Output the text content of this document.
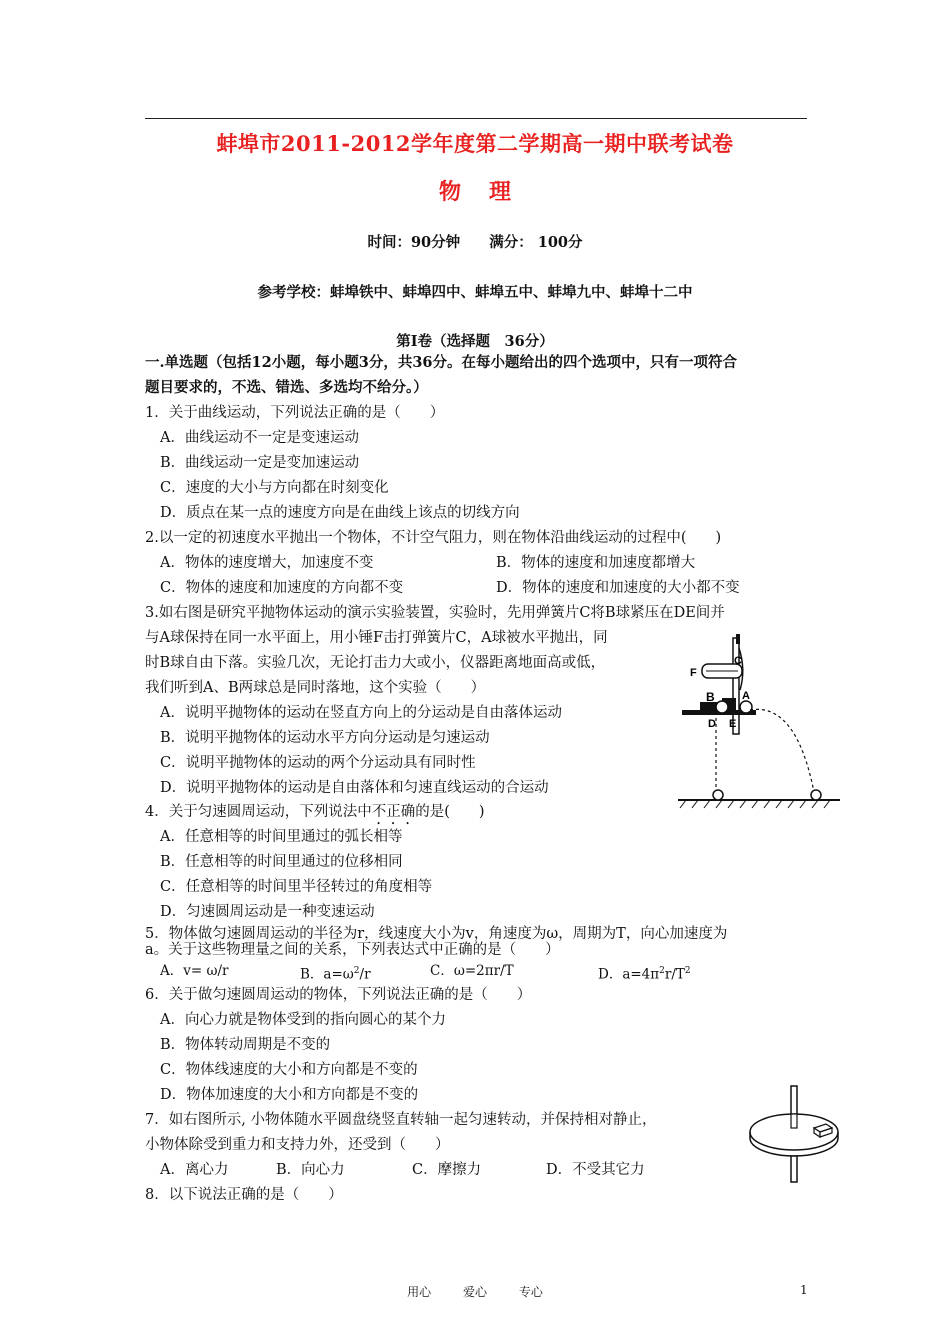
蚌埠市2011-2012学年度第二学期高一期中联考试卷
物理
时间：90分钟 满分： 100分
参考学校：蚌埠铁中、蚌埠四中、蚌埠五中、蚌埠九中、蚌埠十二中
第Ⅰ卷（选择题　36分）
一.单选题（包括12小题，每小题3分，共36分。在每小题给出的四个选项中，只有一项符合
题目要求的，不选、错选、多选均不给分。）
1．关于曲线运动，下列说法正确的是（　　）
A．曲线运动不一定是变速运动
B．曲线运动一定是变加速运动
C．速度的大小与方向都在时刻变化
D．质点在某一点的速度方向是在曲线上该点的切线方向
2.以一定的初速度水平抛出一个物体，不计空气阻力，则在物体沿曲线运动的过程中(　　)
A．物体的速度增大，加速度不变	B．物体的速度和加速度都增大
C．物体的速度和加速度的方向都不变	D．物体的速度和加速度的大小都不变
3.如右图是研究平抛物体运动的演示实验装置，实验时，先用弹簧片C将B球紧压在DE间并
与A球保持在同一水平面上，用小锤F击打弹簧片C，A球被水平抛出，同
时B球自由下落。实验几次，无论打击力大或小，仪器距离地面高或低，
我们听到A、B两球总是同时落地，这个实验（　　）
A．说明平抛物体的运动在竖直方向上的分运动是自由落体运动
B．说明平抛物体的运动水平方向分运动是匀速运动
C．说明平抛物体的运动的两个分运动具有同时性
D．说明平抛物体的运动是自由落体和匀速直线运动的合运动
C
F
B A
D E
4．关于匀速圆周运动，下列说法中不正确的是(　　)
A．任意相等的时间里通过的弧长相等
B．任意相等的时间里通过的位移相同
C．任意相等的时间里半径转过的角度相等
D．匀速圆周运动是一种变速运动
5．物体做匀速圆周运动的半径为r，线速度大小为v，角速度为ω，周期为T，向心加速度为
a。关于这些物理量之间的关系，下列表达式中正确的是（　　）
A．v= ω/r	B．$a=\omega^2/r$	C．ω=2πr/T	D．$a=4\pi^2r/T^2$
6．关于做匀速圆周运动的物体，下列说法正确的是（　　）
A．向心力就是物体受到的指向圆心的某个力
B．物体转动周期是不变的
C．物体线速度的大小和方向都是不变的
D．物体加速度的大小和方向都是不变的
7．如右图所示, 小物体随水平圆盘绕竖直转轴一起匀速转动，并保持相对静止，
小物体除受到重力和支持力外，还受到（　　）
A．离心力	B．向心力	C．摩擦力	D．不受其它力
8．以下说法正确的是（　　）
用心	爱心	专心	1
